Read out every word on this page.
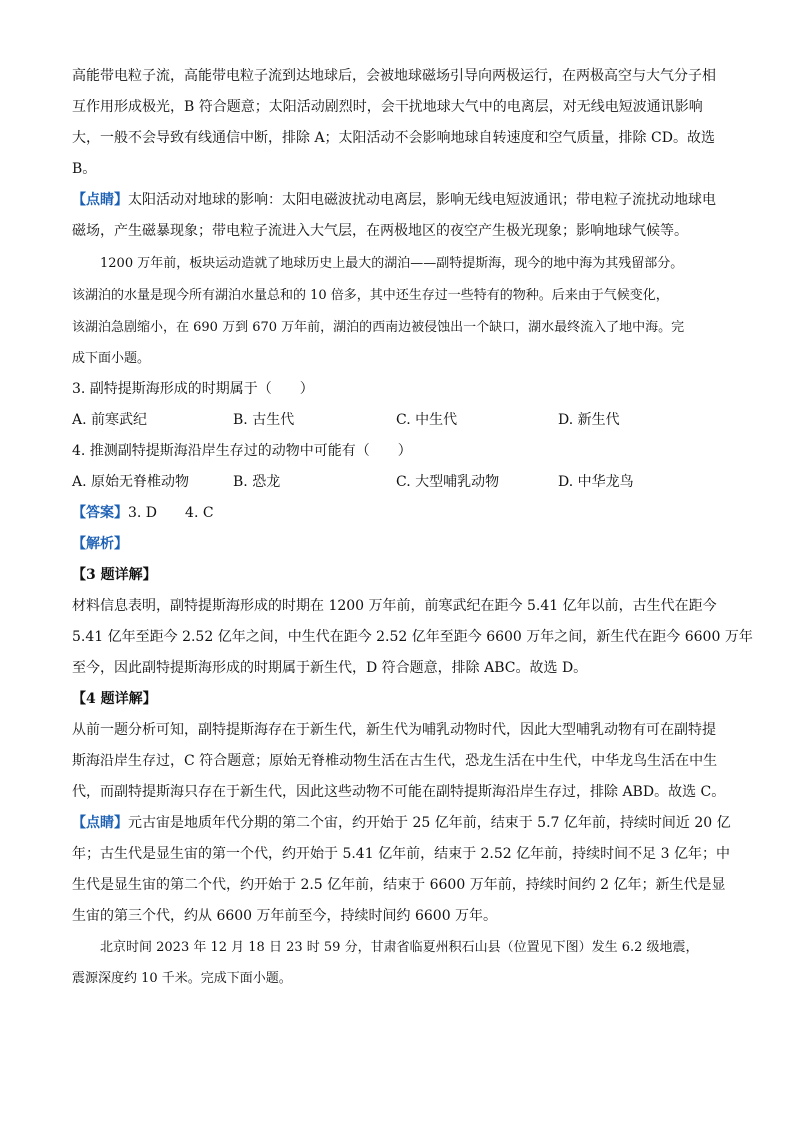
高能带电粒子流，高能带电粒子流到达地球后，会被地球磁场引导向两极运行，在两极高空与大气分子相
互作用形成极光，B 符合题意；太阳活动剧烈时，会干扰地球大气中的电离层，对无线电短波通讯影响
大，一般不会导致有线通信中断，排除 A；太阳活动不会影响地球自转速度和空气质量，排除 CD。故选
B。
【点睛】太阳活动对地球的影响：太阳电磁波扰动电离层，影响无线电短波通讯；带电粒子流扰动地球电
磁场，产生磁暴现象；带电粒子流进入大气层，在两极地区的夜空产生极光现象；影响地球气候等。
1200 万年前，板块运动造就了地球历史上最大的湖泊——副特提斯海，现今的地中海为其残留部分。
该湖泊的水量是现今所有湖泊水量总和的 10 倍多，其中还生存过一些特有的物种。后来由于气候变化，
该湖泊急剧缩小，在 690 万到 670 万年前，湖泊的西南边被侵蚀出一个缺口，湖水最终流入了地中海。完
成下面小题。
3. 副特提斯海形成的时期属于（　　）
A. 前寒武纪	B. 古生代	C. 中生代	D. 新生代
4. 推测副特提斯海沿岸生存过的动物中可能有（　　）
A. 原始无脊椎动物	B. 恐龙	C. 大型哺乳动物	D. 中华龙鸟
【答案】3. D　　4. C
【解析】
【3 题详解】
材料信息表明，副特提斯海形成的时期在 1200 万年前，前寒武纪在距今 5.41 亿年以前，古生代在距今
5.41 亿年至距今 2.52 亿年之间，中生代在距今 2.52 亿年至距今 6600 万年之间，新生代在距今 6600 万年
至今，因此副特提斯海形成的时期属于新生代，D 符合题意，排除 ABC。故选 D。
【4 题详解】
从前一题分析可知，副特提斯海存在于新生代，新生代为哺乳动物时代，因此大型哺乳动物有可在副特提
斯海沿岸生存过，C 符合题意；原始无脊椎动物生活在古生代，恐龙生活在中生代，中华龙鸟生活在中生
代，而副特提斯海只存在于新生代，因此这些动物不可能在副特提斯海沿岸生存过，排除 ABD。故选 C。
【点睛】元古宙是地质年代分期的第二个宙，约开始于 25 亿年前，结束于 5.7 亿年前，持续时间近 20 亿
年；古生代是显生宙的第一个代，约开始于 5.41 亿年前，结束于 2.52 亿年前，持续时间不足 3 亿年；中
生代是显生宙的第二个代，约开始于 2.5 亿年前，结束于 6600 万年前，持续时间约 2 亿年；新生代是显
生宙的第三个代，约从 6600 万年前至今，持续时间约 6600 万年。
北京时间 2023 年 12 月 18 日 23 时 59 分，甘肃省临夏州积石山县（位置见下图）发生 6.2 级地震，
震源深度约 10 千米。完成下面小题。
